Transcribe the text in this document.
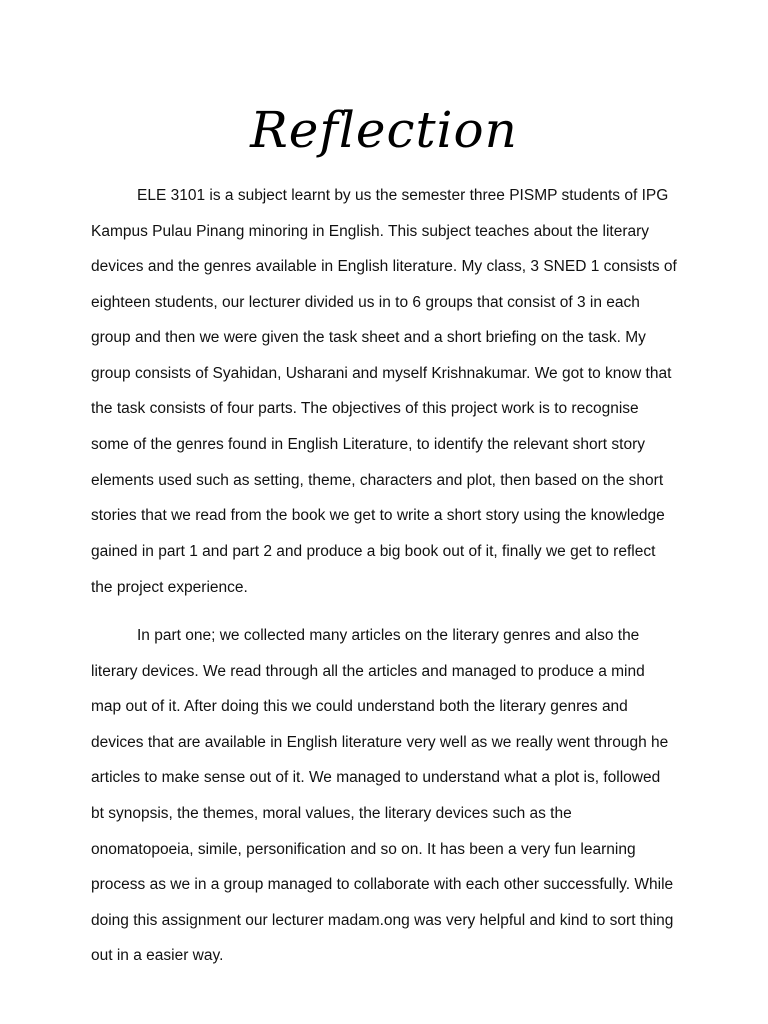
Reflection

ELE 3101 is a subject learnt by us the semester three PISMP students of IPG

Kampus Pulau Pinang minoring in English. This subject teaches about the literary

devices and the genres available in English literature. My class, 3 SNED 1 consists of

eighteen students, our lecturer divided us in to 6 groups that consist of 3 in each

group and then we were given the task sheet and a short briefing on the task. My

group consists of Syahidan, Usharani and myself Krishnakumar. We got to know that

the task consists of four parts. The objectives of this project work is to recognise

some of the genres found in English Literature, to identify the relevant short story

elements used such as setting, theme, characters and plot, then based on the short

stories that we read from the book we get to write a short story using the knowledge

gained in part 1 and part 2 and produce a big book out of it, finally we get to reflect

the project experience.

In part one; we collected many articles on the literary genres and also the

literary devices. We read through all the articles and managed to produce a mind

map out of it. After doing this we could understand both the literary genres and

devices that are available in English literature very well as we really went through he

articles to make sense out of it. We managed to understand what a plot is, followed

bt synopsis, the themes, moral values, the literary devices such as the

onomatopoeia, simile, personification and so on. It has been a very fun learning

process as we in a group managed to collaborate with each other successfully. While

doing this assignment our lecturer madam.ong was very helpful and kind to sort thing

out in a easier way.
